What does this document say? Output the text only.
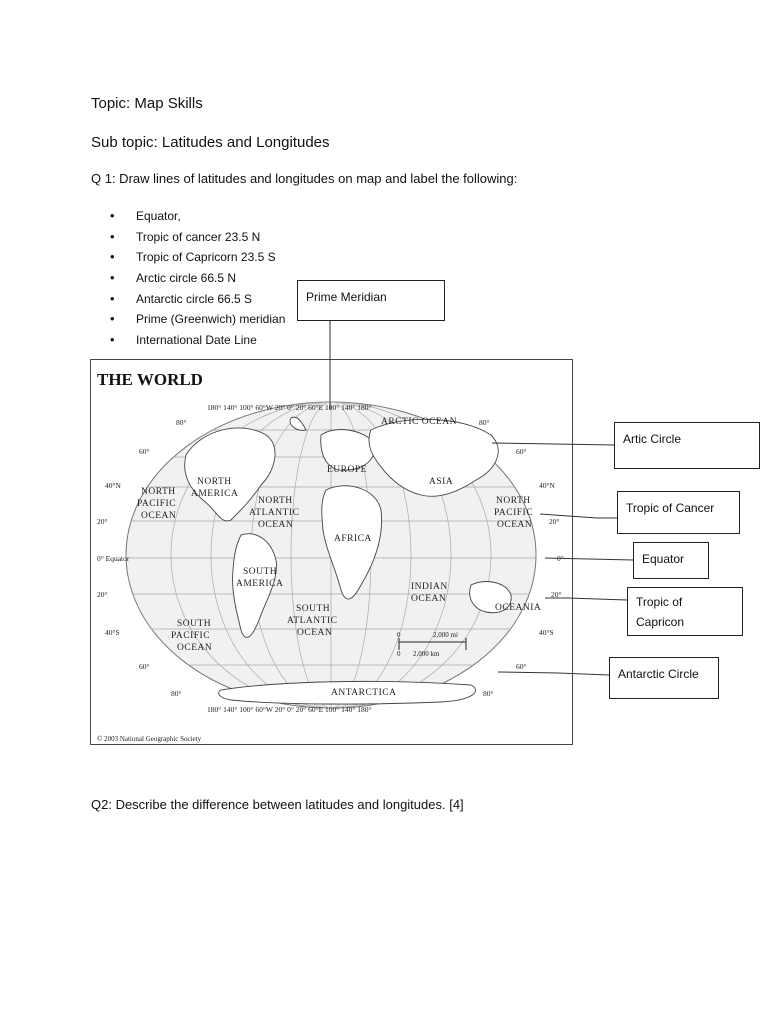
Topic: Map Skills
Sub topic: Latitudes and Longitudes
Q 1: Draw lines of latitudes and longitudes on map and label the following:
• Equator,
• Tropic of cancer 23.5 N
• Tropic of Capricorn 23.5 S
• Arctic circle 66.5 N
• Antarctic circle 66.5 S
• Prime (Greenwich) meridian
• International Date Line
THE WORLD
180° 140° 100° 60°W 20° 0° 20° 60°E 100° 140° 180°
180° 140° 100° 60°W 20° 0° 20° 60°E 100° 140° 180°
80°
60°
40°N
20°
0° Equator
20°
40°S
60°
80°
80°
60°
40°N
20°
0°
20°
40°S
60°
80°
ARCTIC OCEAN
EUROPE
ASIA
NORTH
AMERICA
NORTH
PACIFIC
OCEAN
NORTH
ATLANTIC
OCEAN
AFRICA
NORTH
PACIFIC
OCEAN
SOUTH
AMERICA	INDIAN
OCEAN
OCEANIA
SOUTH
ATLANTIC
OCEAN
SOUTH
PACIFIC
OCEAN
ANTARCTICA
0	2,000 mi
0 2,000 km
© 2003 National Geographic Society
Prime Meridian
Artic Circle
Tropic of Cancer
Equator
Tropic of
Capricon
Antarctic Circle
Q2: Describe the difference between latitudes and longitudes. [4]
